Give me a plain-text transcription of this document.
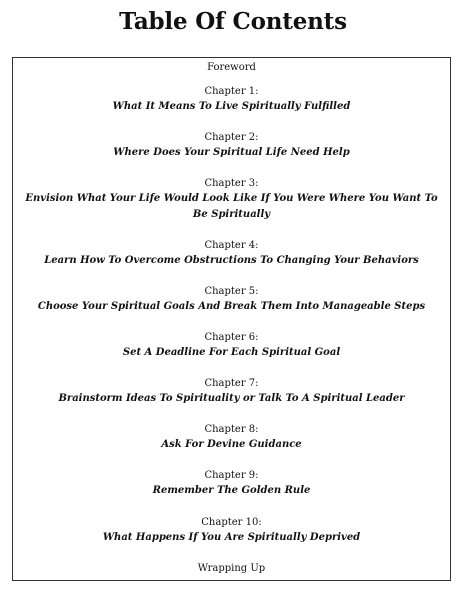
Table Of Contents
Foreword
Chapter 1:
What It Means To Live Spiritually Fulfilled
Chapter 2:
Where Does Your Spiritual Life Need Help
Chapter 3:
Envision What Your Life Would Look Like If You Were Where You Want To Be Spiritually
Chapter 4:
Learn How To Overcome Obstructions To Changing Your Behaviors
Chapter 5:
Choose Your Spiritual Goals And Break Them Into Manageable Steps
Chapter 6:
Set A Deadline For Each Spiritual Goal
Chapter 7:
Brainstorm Ideas To Spirituality or Talk To A Spiritual Leader
Chapter 8:
Ask For Devine Guidance
Chapter 9:
Remember The Golden Rule
Chapter 10:
What Happens If You Are Spiritually Deprived
Wrapping Up
